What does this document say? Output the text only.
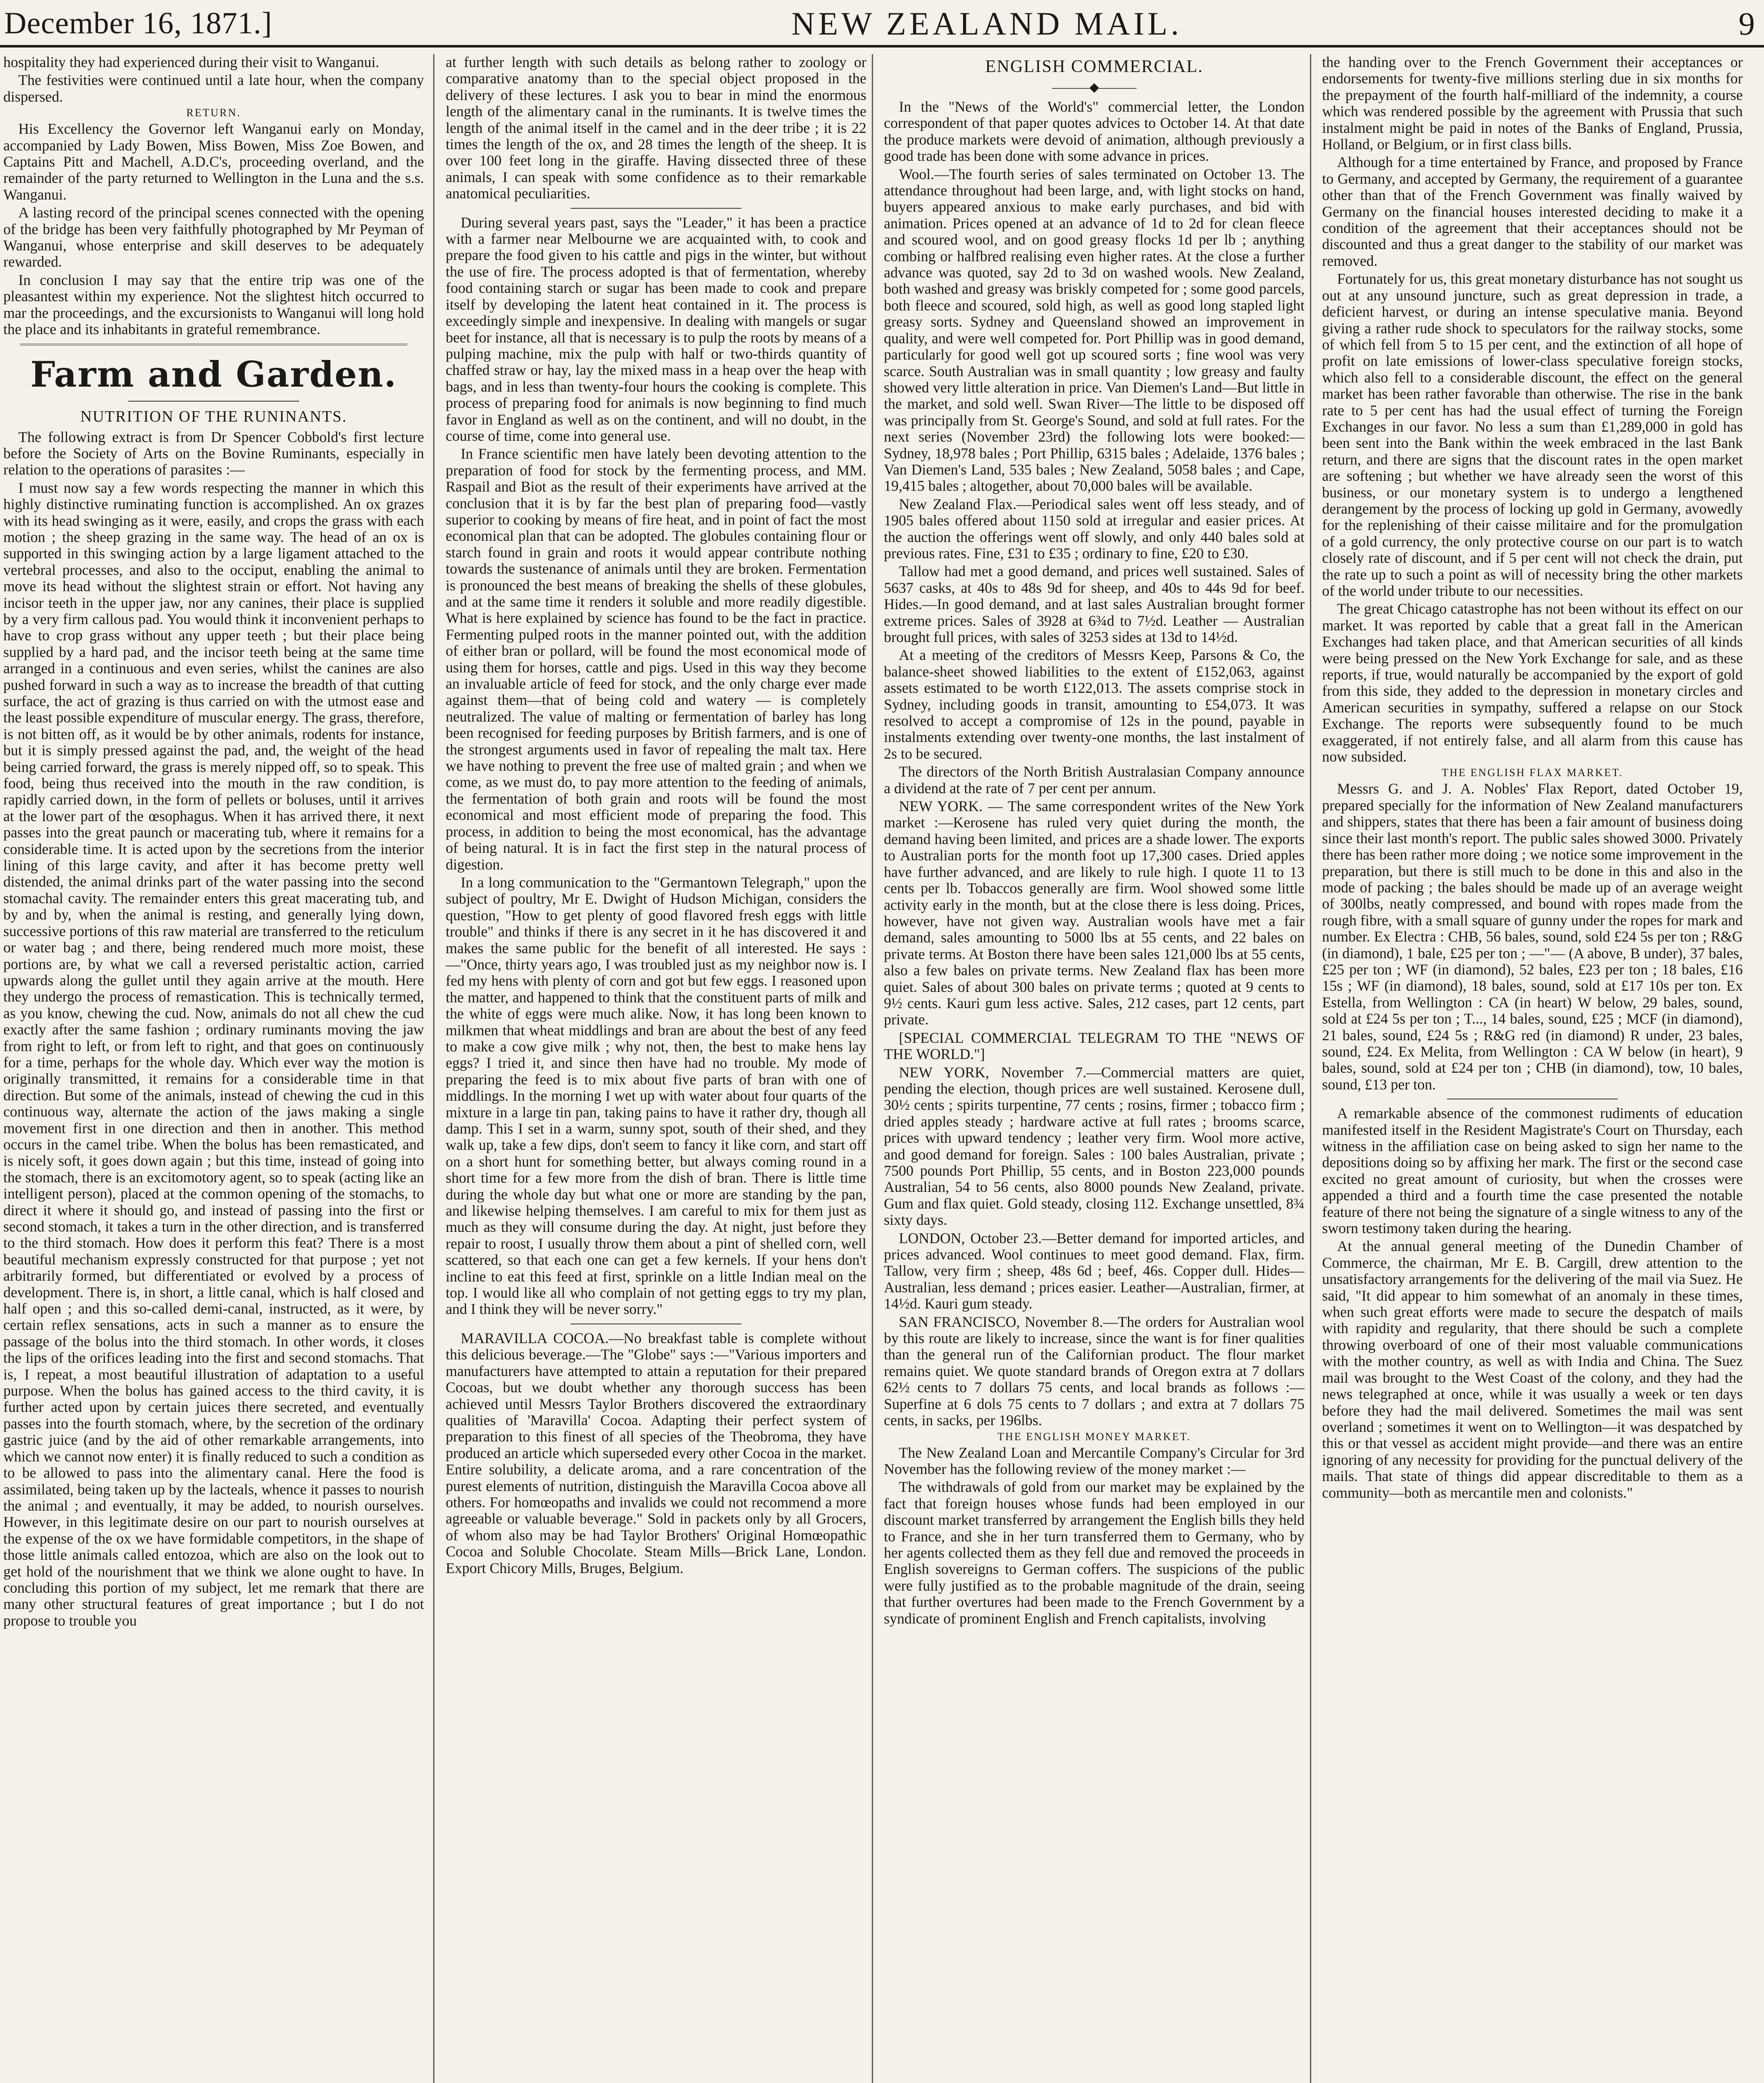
December 16, 1871.]	NEW ZEALAND MAIL.	9

hospitality they had experienced during their visit to Wanganui.

The festivities were continued until a late hour, when the company dispersed.

RETURN.

His Excellency the Governor left Wanganui early on Monday, accompanied by Lady Bowen, Miss Bowen, Miss Zoe Bowen, and Captains Pitt and Machell, A.D.C's, proceeding overland, and the remainder of the party returned to Wellington in the Luna and the s.s. Wanganui.

A lasting record of the principal scenes connected with the opening of the bridge has been very faithfully photographed by Mr Peyman of Wanganui, whose enterprise and skill deserves to be adequately rewarded.

In conclusion I may say that the entire trip was one of the pleasantest within my experience. Not the slightest hitch occurred to mar the proceedings, and the excursionists to Wanganui will long hold the place and its inhabitants in grateful remembrance.

Farm and Garden.
NUTRITION OF THE RUNINANTS.

The following extract is from Dr Spencer Cobbold's first lecture before the Society of Arts on the Bovine Ruminants, especially in relation to the operations of parasites :—

I must now say a few words respecting the manner in which this highly distinctive ruminating function is accomplished. An ox grazes with its head swinging as it were, easily, and crops the grass with each motion ; the sheep grazing in the same way. The head of an ox is supported in this swinging action by a large ligament attached to the vertebral processes, and also to the occiput, enabling the animal to move its head without the slightest strain or effort. Not having any incisor teeth in the upper jaw, nor any canines, their place is supplied by a very firm callous pad. You would think it inconvenient perhaps to have to crop grass without any upper teeth ; but their place being supplied by a hard pad, and the incisor teeth being at the same time arranged in a continuous and even series, whilst the canines are also pushed forward in such a way as to increase the breadth of that cutting surface, the act of grazing is thus carried on with the utmost ease and the least possible expenditure of muscular energy. The grass, therefore, is not bitten off, as it would be by other animals, rodents for instance, but it is simply pressed against the pad, and, the weight of the head being carried forward, the grass is merely nipped off, so to speak. This food, being thus received into the mouth in the raw condition, is rapidly carried down, in the form of pellets or boluses, until it arrives at the lower part of the œsophagus. When it has arrived there, it next passes into the great paunch or macerating tub, where it remains for a considerable time. It is acted upon by the secretions from the interior lining of this large cavity, and after it has become pretty well distended, the animal drinks part of the water passing into the second stomachal cavity. The remainder enters this great macerating tub, and by and by, when the animal is resting, and generally lying down, successive portions of this raw material are transferred to the reticulum or water bag ; and there, being rendered much more moist, these portions are, by what we call a reversed peristaltic action, carried upwards along the gullet until they again arrive at the mouth. Here they undergo the process of remastication. This is technically termed, as you know, chewing the cud. Now, animals do not all chew the cud exactly after the same fashion ; ordinary ruminants moving the jaw from right to left, or from left to right, and that goes on continuously for a time, perhaps for the whole day. Which ever way the motion is originally transmitted, it remains for a considerable time in that direction. But some of the animals, instead of chewing the cud in this continuous way, alternate the action of the jaws making a single movement first in one direction and then in another. This method occurs in the camel tribe. When the bolus has been remasticated, and is nicely soft, it goes down again ; but this time, instead of going into the stomach, there is an excitomotory agent, so to speak (acting like an intelligent person), placed at the common opening of the stomachs, to direct it where it should go, and instead of passing into the first or second stomach, it takes a turn in the other direction, and is transferred to the third stomach. How does it perform this feat? There is a most beautiful mechanism expressly constructed for that purpose ; yet not arbitrarily formed, but differentiated or evolved by a process of development. There is, in short, a little canal, which is half closed and half open ; and this so-called demi-canal, instructed, as it were, by certain reflex sensations, acts in such a manner as to ensure the passage of the bolus into the third stomach. In other words, it closes the lips of the orifices leading into the first and second stomachs. That is, I repeat, a most beautiful illustration of adaptation to a useful purpose. When the bolus has gained access to the third cavity, it is further acted upon by certain juices there secreted, and eventually passes into the fourth stomach, where, by the secretion of the ordinary gastric juice (and by the aid of other remarkable arrangements, into which we cannot now enter) it is finally reduced to such a condition as to be allowed to pass into the alimentary canal. Here the food is assimilated, being taken up by the lacteals, whence it passes to nourish the animal ; and eventually, it may be added, to nourish ourselves. However, in this legitimate desire on our part to nourish ourselves at the expense of the ox we have formidable competitors, in the shape of those little animals called entozoa, which are also on the look out to get hold of the nourishment that we think we alone ought to have. In concluding this portion of my subject, let me remark that there are many other structural features of great importance ; but I do not propose to trouble you

at further length with such details as belong rather to zoology or comparative anatomy than to the special object proposed in the delivery of these lectures. I ask you to bear in mind the enormous length of the alimentary canal in the ruminants. It is twelve times the length of the animal itself in the camel and in the deer tribe ; it is 22 times the length of the ox, and 28 times the length of the sheep. It is over 100 feet long in the giraffe. Having dissected three of these animals, I can speak with some confidence as to their remarkable anatomical peculiarities.

During several years past, says the "Leader," it has been a practice with a farmer near Melbourne we are acquainted with, to cook and prepare the food given to his cattle and pigs in the winter, but without the use of fire. The process adopted is that of fermentation, whereby food containing starch or sugar has been made to cook and prepare itself by developing the latent heat contained in it. The process is exceedingly simple and inexpensive. In dealing with mangels or sugar beet for instance, all that is necessary is to pulp the roots by means of a pulping machine, mix the pulp with half or two-thirds quantity of chaffed straw or hay, lay the mixed mass in a heap over the heap with bags, and in less than twenty-four hours the cooking is complete. This process of preparing food for animals is now beginning to find much favor in England as well as on the continent, and will no doubt, in the course of time, come into general use.

In France scientific men have lately been devoting attention to the preparation of food for stock by the fermenting process, and MM. Raspail and Biot as the result of their experiments have arrived at the conclusion that it is by far the best plan of preparing food—vastly superior to cooking by means of fire heat, and in point of fact the most economical plan that can be adopted. The globules containing flour or starch found in grain and roots it would appear contribute nothing towards the sustenance of animals until they are broken. Fermentation is pronounced the best means of breaking the shells of these globules, and at the same time it renders it soluble and more readily digestible. What is here explained by science has found to be the fact in practice. Fermenting pulped roots in the manner pointed out, with the addition of either bran or pollard, will be found the most economical mode of using them for horses, cattle and pigs. Used in this way they become an invaluable article of feed for stock, and the only charge ever made against them—that of being cold and watery — is completely neutralized. The value of malting or fermentation of barley has long been recognised for feeding purposes by British farmers, and is one of the strongest arguments used in favor of repealing the malt tax. Here we have nothing to prevent the free use of malted grain ; and when we come, as we must do, to pay more attention to the feeding of animals, the fermentation of both grain and roots will be found the most economical and most efficient mode of preparing the food. This process, in addition to being the most economical, has the advantage of being natural. It is in fact the first step in the natural process of digestion.

In a long communication to the "Germantown Telegraph," upon the subject of poultry, Mr E. Dwight of Hudson Michigan, considers the question, "How to get plenty of good flavored fresh eggs with little trouble" and thinks if there is any secret in it he has discovered it and makes the same public for the benefit of all interested. He says :—"Once, thirty years ago, I was troubled just as my neighbor now is. I fed my hens with plenty of corn and got but few eggs. I reasoned upon the matter, and happened to think that the constituent parts of milk and the white of eggs were much alike. Now, it has long been known to milkmen that wheat middlings and bran are about the best of any feed to make a cow give milk ; why not, then, the best to make hens lay eggs? I tried it, and since then have had no trouble. My mode of preparing the feed is to mix about five parts of bran with one of middlings. In the morning I wet up with water about four quarts of the mixture in a large tin pan, taking pains to have it rather dry, though all damp. This I set in a warm, sunny spot, south of their shed, and they walk up, take a few dips, don't seem to fancy it like corn, and start off on a short hunt for something better, but always coming round in a short time for a few more from the dish of bran. There is little time during the whole day but what one or more are standing by the pan, and likewise helping themselves. I am careful to mix for them just as much as they will consume during the day. At night, just before they repair to roost, I usually throw them about a pint of shelled corn, well scattered, so that each one can get a few kernels. If your hens don't incline to eat this feed at first, sprinkle on a little Indian meal on the top. I would like all who complain of not getting eggs to try my plan, and I think they will be never sorry."

MARAVILLA COCOA.—No breakfast table is complete without this delicious beverage.—The "Globe" says :—"Various importers and manufacturers have attempted to attain a reputation for their prepared Cocoas, but we doubt whether any thorough success has been achieved until Messrs Taylor Brothers discovered the extraordinary qualities of 'Maravilla' Cocoa. Adapting their perfect system of preparation to this finest of all species of the Theobroma, they have produced an article which superseded every other Cocoa in the market. Entire solubility, a delicate aroma, and a rare concentration of the purest elements of nutrition, distinguish the Maravilla Cocoa above all others. For homœopaths and invalids we could not recommend a more agreeable or valuable beverage." Sold in packets only by all Grocers, of whom also may be had Taylor Brothers' Original Homœopathic Cocoa and Soluble Chocolate. Steam Mills—Brick Lane, London. Export Chicory Mills, Bruges, Belgium.

ENGLISH COMMERCIAL.
———◆———

In the "News of the World's" commercial letter, the London correspondent of that paper quotes advices to October 14. At that date the produce markets were devoid of animation, although previously a good trade has been done with some advance in prices.

Wool.—The fourth series of sales terminated on October 13. The attendance throughout had been large, and, with light stocks on hand, buyers appeared anxious to make early purchases, and bid with animation. Prices opened at an advance of 1d to 2d for clean fleece and scoured wool, and on good greasy flocks 1d per lb ; anything combing or halfbred realising even higher rates. At the close a further advance was quoted, say 2d to 3d on washed wools. New Zealand, both washed and greasy was briskly competed for ; some good parcels, both fleece and scoured, sold high, as well as good long stapled light greasy sorts. Sydney and Queensland showed an improvement in quality, and were well competed for. Port Phillip was in good demand, particularly for good well got up scoured sorts ; fine wool was very scarce. South Australian was in small quantity ; low greasy and faulty showed very little alteration in price. Van Diemen's Land—But little in the market, and sold well. Swan River—The little to be disposed off was principally from St. George's Sound, and sold at full rates. For the next series (November 23rd) the following lots were booked:—Sydney, 18,978 bales ; Port Phillip, 6315 bales ; Adelaide, 1376 bales ; Van Diemen's Land, 535 bales ; New Zealand, 5058 bales ; and Cape, 19,415 bales ; altogether, about 70,000 bales will be available.

New Zealand Flax.—Periodical sales went off less steady, and of 1905 bales offered about 1150 sold at irregular and easier prices. At the auction the offerings went off slowly, and only 440 bales sold at previous rates. Fine, £31 to £35 ; ordinary to fine, £20 to £30.

Tallow had met a good demand, and prices well sustained. Sales of 5637 casks, at 40s to 48s 9d for sheep, and 40s to 44s 9d for beef. Hides.—In good demand, and at last sales Australian brought former extreme prices. Sales of 3928 at 6¾d to 7½d. Leather — Australian brought full prices, with sales of 3253 sides at 13d to 14½d.

At a meeting of the creditors of Messrs Keep, Parsons & Co, the balance-sheet showed liabilities to the extent of £152,063, against assets estimated to be worth £122,013. The assets comprise stock in Sydney, including goods in transit, amounting to £54,073. It was resolved to accept a compromise of 12s in the pound, payable in instalments extending over twenty-one months, the last instalment of 2s to be secured.

The directors of the North British Australasian Company announce a dividend at the rate of 7 per cent per annum.

NEW YORK. — The same correspondent writes of the New York market :—Kerosene has ruled very quiet during the month, the demand having been limited, and prices are a shade lower. The exports to Australian ports for the month foot up 17,300 cases. Dried apples have further advanced, and are likely to rule high. I quote 11 to 13 cents per lb. Tobaccos generally are firm. Wool showed some little activity early in the month, but at the close there is less doing. Prices, however, have not given way. Australian wools have met a fair demand, sales amounting to 5000 lbs at 55 cents, and 22 bales on private terms. At Boston there have been sales 121,000 lbs at 55 cents, also a few bales on private terms. New Zealand flax has been more quiet. Sales of about 300 bales on private terms ; quoted at 9 cents to 9½ cents. Kauri gum less active. Sales, 212 cases, part 12 cents, part private.

[SPECIAL COMMERCIAL TELEGRAM TO THE "NEWS OF THE WORLD."]

NEW YORK, November 7.—Commercial matters are quiet, pending the election, though prices are well sustained. Kerosene dull, 30½ cents ; spirits turpentine, 77 cents ; rosins, firmer ; tobacco firm ; dried apples steady ; hardware active at full rates ; brooms scarce, prices with upward tendency ; leather very firm. Wool more active, and good demand for foreign. Sales : 100 bales Australian, private ; 7500 pounds Port Phillip, 55 cents, and in Boston 223,000 pounds Australian, 54 to 56 cents, also 8000 pounds New Zealand, private. Gum and flax quiet. Gold steady, closing 112. Exchange unsettled, 8¾ sixty days.

LONDON, October 23.—Better demand for imported articles, and prices advanced. Wool continues to meet good demand. Flax, firm. Tallow, very firm ; sheep, 48s 6d ; beef, 46s. Copper dull. Hides—Australian, less demand ; prices easier. Leather—Australian, firmer, at 14½d. Kauri gum steady.

SAN FRANCISCO, November 8.—The orders for Australian wool by this route are likely to increase, since the want is for finer qualities than the general run of the Californian product. The flour market remains quiet. We quote standard brands of Oregon extra at 7 dollars 62½ cents to 7 dollars 75 cents, and local brands as follows :—Superfine at 6 dols 75 cents to 7 dollars ; and extra at 7 dollars 75 cents, in sacks, per 196lbs.

THE ENGLISH MONEY MARKET.

The New Zealand Loan and Mercantile Company's Circular for 3rd November has the following review of the money market :—

The withdrawals of gold from our market may be explained by the fact that foreign houses whose funds had been employed in our discount market transferred by arrangement the English bills they held to France, and she in her turn transferred them to Germany, who by her agents collected them as they fell due and removed the proceeds in English sovereigns to German coffers. The suspicions of the public were fully justified as to the probable magnitude of the drain, seeing that further overtures had been made to the French Government by a syndicate of prominent English and French capitalists, involving

the handing over to the French Government their acceptances or endorsements for twenty-five millions sterling due in six months for the prepayment of the fourth half-milliard of the indemnity, a course which was rendered possible by the agreement with Prussia that such instalment might be paid in notes of the Banks of England, Prussia, Holland, or Belgium, or in first class bills.

Although for a time entertained by France, and proposed by France to Germany, and accepted by Germany, the requirement of a guarantee other than that of the French Government was finally waived by Germany on the financial houses interested deciding to make it a condition of the agreement that their acceptances should not be discounted and thus a great danger to the stability of our market was removed.

Fortunately for us, this great monetary disturbance has not sought us out at any unsound juncture, such as great depression in trade, a deficient harvest, or during an intense speculative mania. Beyond giving a rather rude shock to speculators for the railway stocks, some of which fell from 5 to 15 per cent, and the extinction of all hope of profit on late emissions of lower-class speculative foreign stocks, which also fell to a considerable discount, the effect on the general market has been rather favorable than otherwise. The rise in the bank rate to 5 per cent has had the usual effect of turning the Foreign Exchanges in our favor. No less a sum than £1,289,000 in gold has been sent into the Bank within the week embraced in the last Bank return, and there are signs that the discount rates in the open market are softening ; but whether we have already seen the worst of this business, or our monetary system is to undergo a lengthened derangement by the process of locking up gold in Germany, avowedly for the replenishing of their caisse militaire and for the promulgation of a gold currency, the only protective course on our part is to watch closely rate of discount, and if 5 per cent will not check the drain, put the rate up to such a point as will of necessity bring the other markets of the world under tribute to our necessities.

The great Chicago catastrophe has not been without its effect on our market. It was reported by cable that a great fall in the American Exchanges had taken place, and that American securities of all kinds were being pressed on the New York Exchange for sale, and as these reports, if true, would naturally be accompanied by the export of gold from this side, they added to the depression in monetary circles and American securities in sympathy, suffered a relapse on our Stock Exchange. The reports were subsequently found to be much exaggerated, if not entirely false, and all alarm from this cause has now subsided.

THE ENGLISH FLAX MARKET.

Messrs G. and J. A. Nobles' Flax Report, dated October 19, prepared specially for the information of New Zealand manufacturers and shippers, states that there has been a fair amount of business doing since their last month's report. The public sales showed 3000. Privately there has been rather more doing ; we notice some improvement in the preparation, but there is still much to be done in this and also in the mode of packing ; the bales should be made up of an average weight of 300lbs, neatly compressed, and bound with ropes made from the rough fibre, with a small square of gunny under the ropes for mark and number. Ex Electra : CHB, 56 bales, sound, sold £24 5s per ton ; R&G (in diamond), 1 bale, £25 per ton ; —"— (A above, B under), 37 bales, £25 per ton ; WF (in diamond), 52 bales, £23 per ton ; 18 bales, £16 15s ; WF (in diamond), 18 bales, sound, sold at £17 10s per ton. Ex Estella, from Wellington : CA (in heart) W below, 29 bales, sound, sold at £24 5s per ton ; T..., 14 bales, sound, £25 ; MCF (in diamond), 21 bales, sound, £24 5s ; R&G red (in diamond) R under, 23 bales, sound, £24. Ex Melita, from Wellington : CA W below (in heart), 9 bales, sound, sold at £24 per ton ; CHB (in diamond), tow, 10 bales, sound, £13 per ton.

A remarkable absence of the commonest rudiments of education manifested itself in the Resident Magistrate's Court on Thursday, each witness in the affiliation case on being asked to sign her name to the depositions doing so by affixing her mark. The first or the second case excited no great amount of curiosity, but when the crosses were appended a third and a fourth time the case presented the notable feature of there not being the signature of a single witness to any of the sworn testimony taken during the hearing.

At the annual general meeting of the Dunedin Chamber of Commerce, the chairman, Mr E. B. Cargill, drew attention to the unsatisfactory arrangements for the delivering of the mail via Suez. He said, "It did appear to him somewhat of an anomaly in these times, when such great efforts were made to secure the despatch of mails with rapidity and regularity, that there should be such a complete throwing overboard of one of their most valuable communications with the mother country, as well as with India and China. The Suez mail was brought to the West Coast of the colony, and they had the news telegraphed at once, while it was usually a week or ten days before they had the mail delivered. Sometimes the mail was sent overland ; sometimes it went on to Wellington—it was despatched by this or that vessel as accident might provide—and there was an entire ignoring of any necessity for providing for the punctual delivery of the mails. That state of things did appear discreditable to them as a community—both as mercantile men and colonists."
